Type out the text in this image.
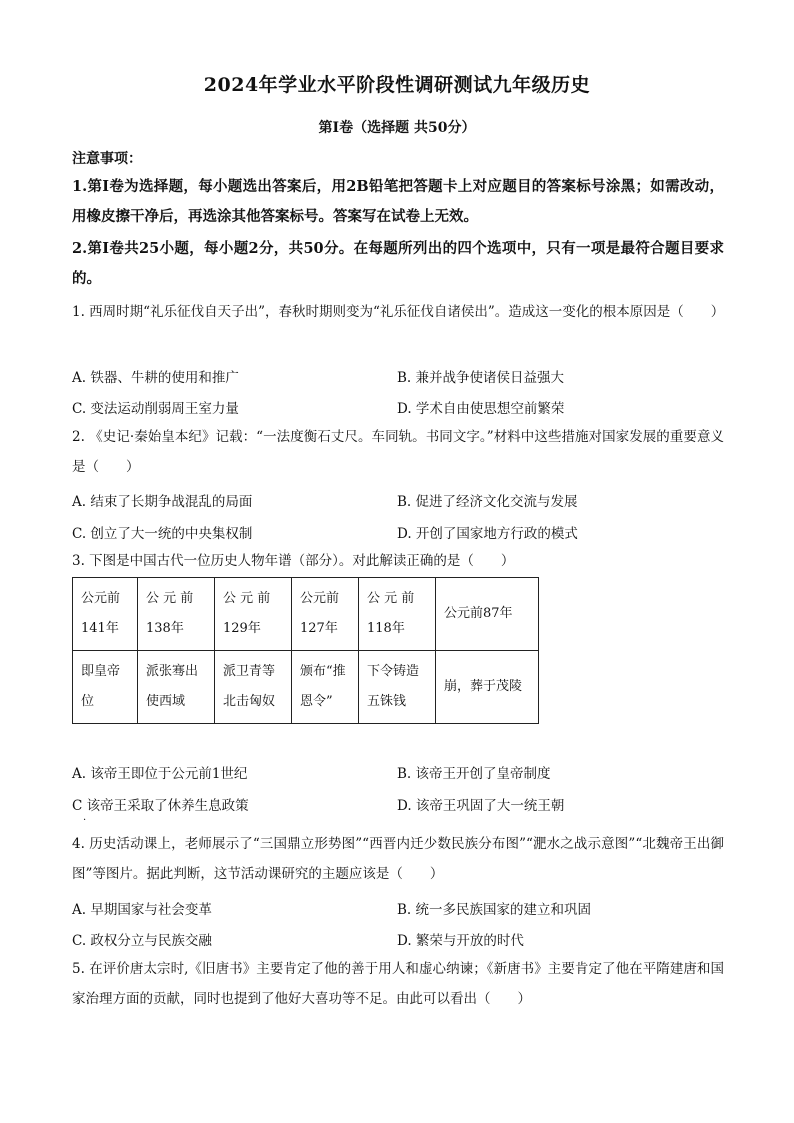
2024年学业水平阶段性调研测试九年级历史
第Ⅰ卷（选择题 共50分）
注意事项：
1.第Ⅰ卷为选择题，每小题选出答案后，用2B铅笔把答题卡上对应题目的答案标号涂黑；如需改动，用橡皮擦干净后，再选涂其他答案标号。答案写在试卷上无效。
2.第Ⅰ卷共25小题，每小题2分，共50分。在每题所列出的四个选项中，只有一项是最符合题目要求的。
1. 西周时期“礼乐征伐自天子出”，春秋时期则变为“礼乐征伐自诸侯出”。造成这一变化的根本原因是（　　）
A. 铁器、牛耕的使用和推广	B. 兼并战争使诸侯日益强大
C. 变法运动削弱周王室力量	D. 学术自由使思想空前繁荣
2. 《史记·秦始皇本纪》记载：“一法度衡石丈尺。车同轨。书同文字。”材料中这些措施对国家发展的重要意义是（　　）
A. 结束了长期争战混乱的局面	B. 促进了经济文化交流与发展
C. 创立了大一统的中央集权制	D. 开创了国家地方行政的模式
3. 下图是中国古代一位历史人物年谱（部分）。对此解读正确的是（　　）
公元前141年	公 元 前 138年	公 元 前 129年	公元前 127年	公 元 前 118年	公元前87年
即皇帝位	派张骞出使西域	派卫青等北击匈奴	颁布“推恩令”	下令铸造五铢钱	崩，葬于茂陵
A. 该帝王即位于公元前1世纪	B. 该帝王开创了皇帝制度
C 该帝王采取了休养生息政策	D. 该帝王巩固了大一统王朝
·
4. 历史活动课上，老师展示了“三国鼎立形势图”“西晋内迁少数民族分布图”“淝水之战示意图”“北魏帝王出御图”等图片。据此判断，这节活动课研究的主题应该是（　　）
A. 早期国家与社会变革	B. 统一多民族国家的建立和巩固
C. 政权分立与民族交融	D. 繁荣与开放的时代
5. 在评价唐太宗时,《旧唐书》主要肯定了他的善于用人和虚心纳谏；《新唐书》主要肯定了他在平隋建唐和国家治理方面的贡献，同时也提到了他好大喜功等不足。由此可以看出（　　）
